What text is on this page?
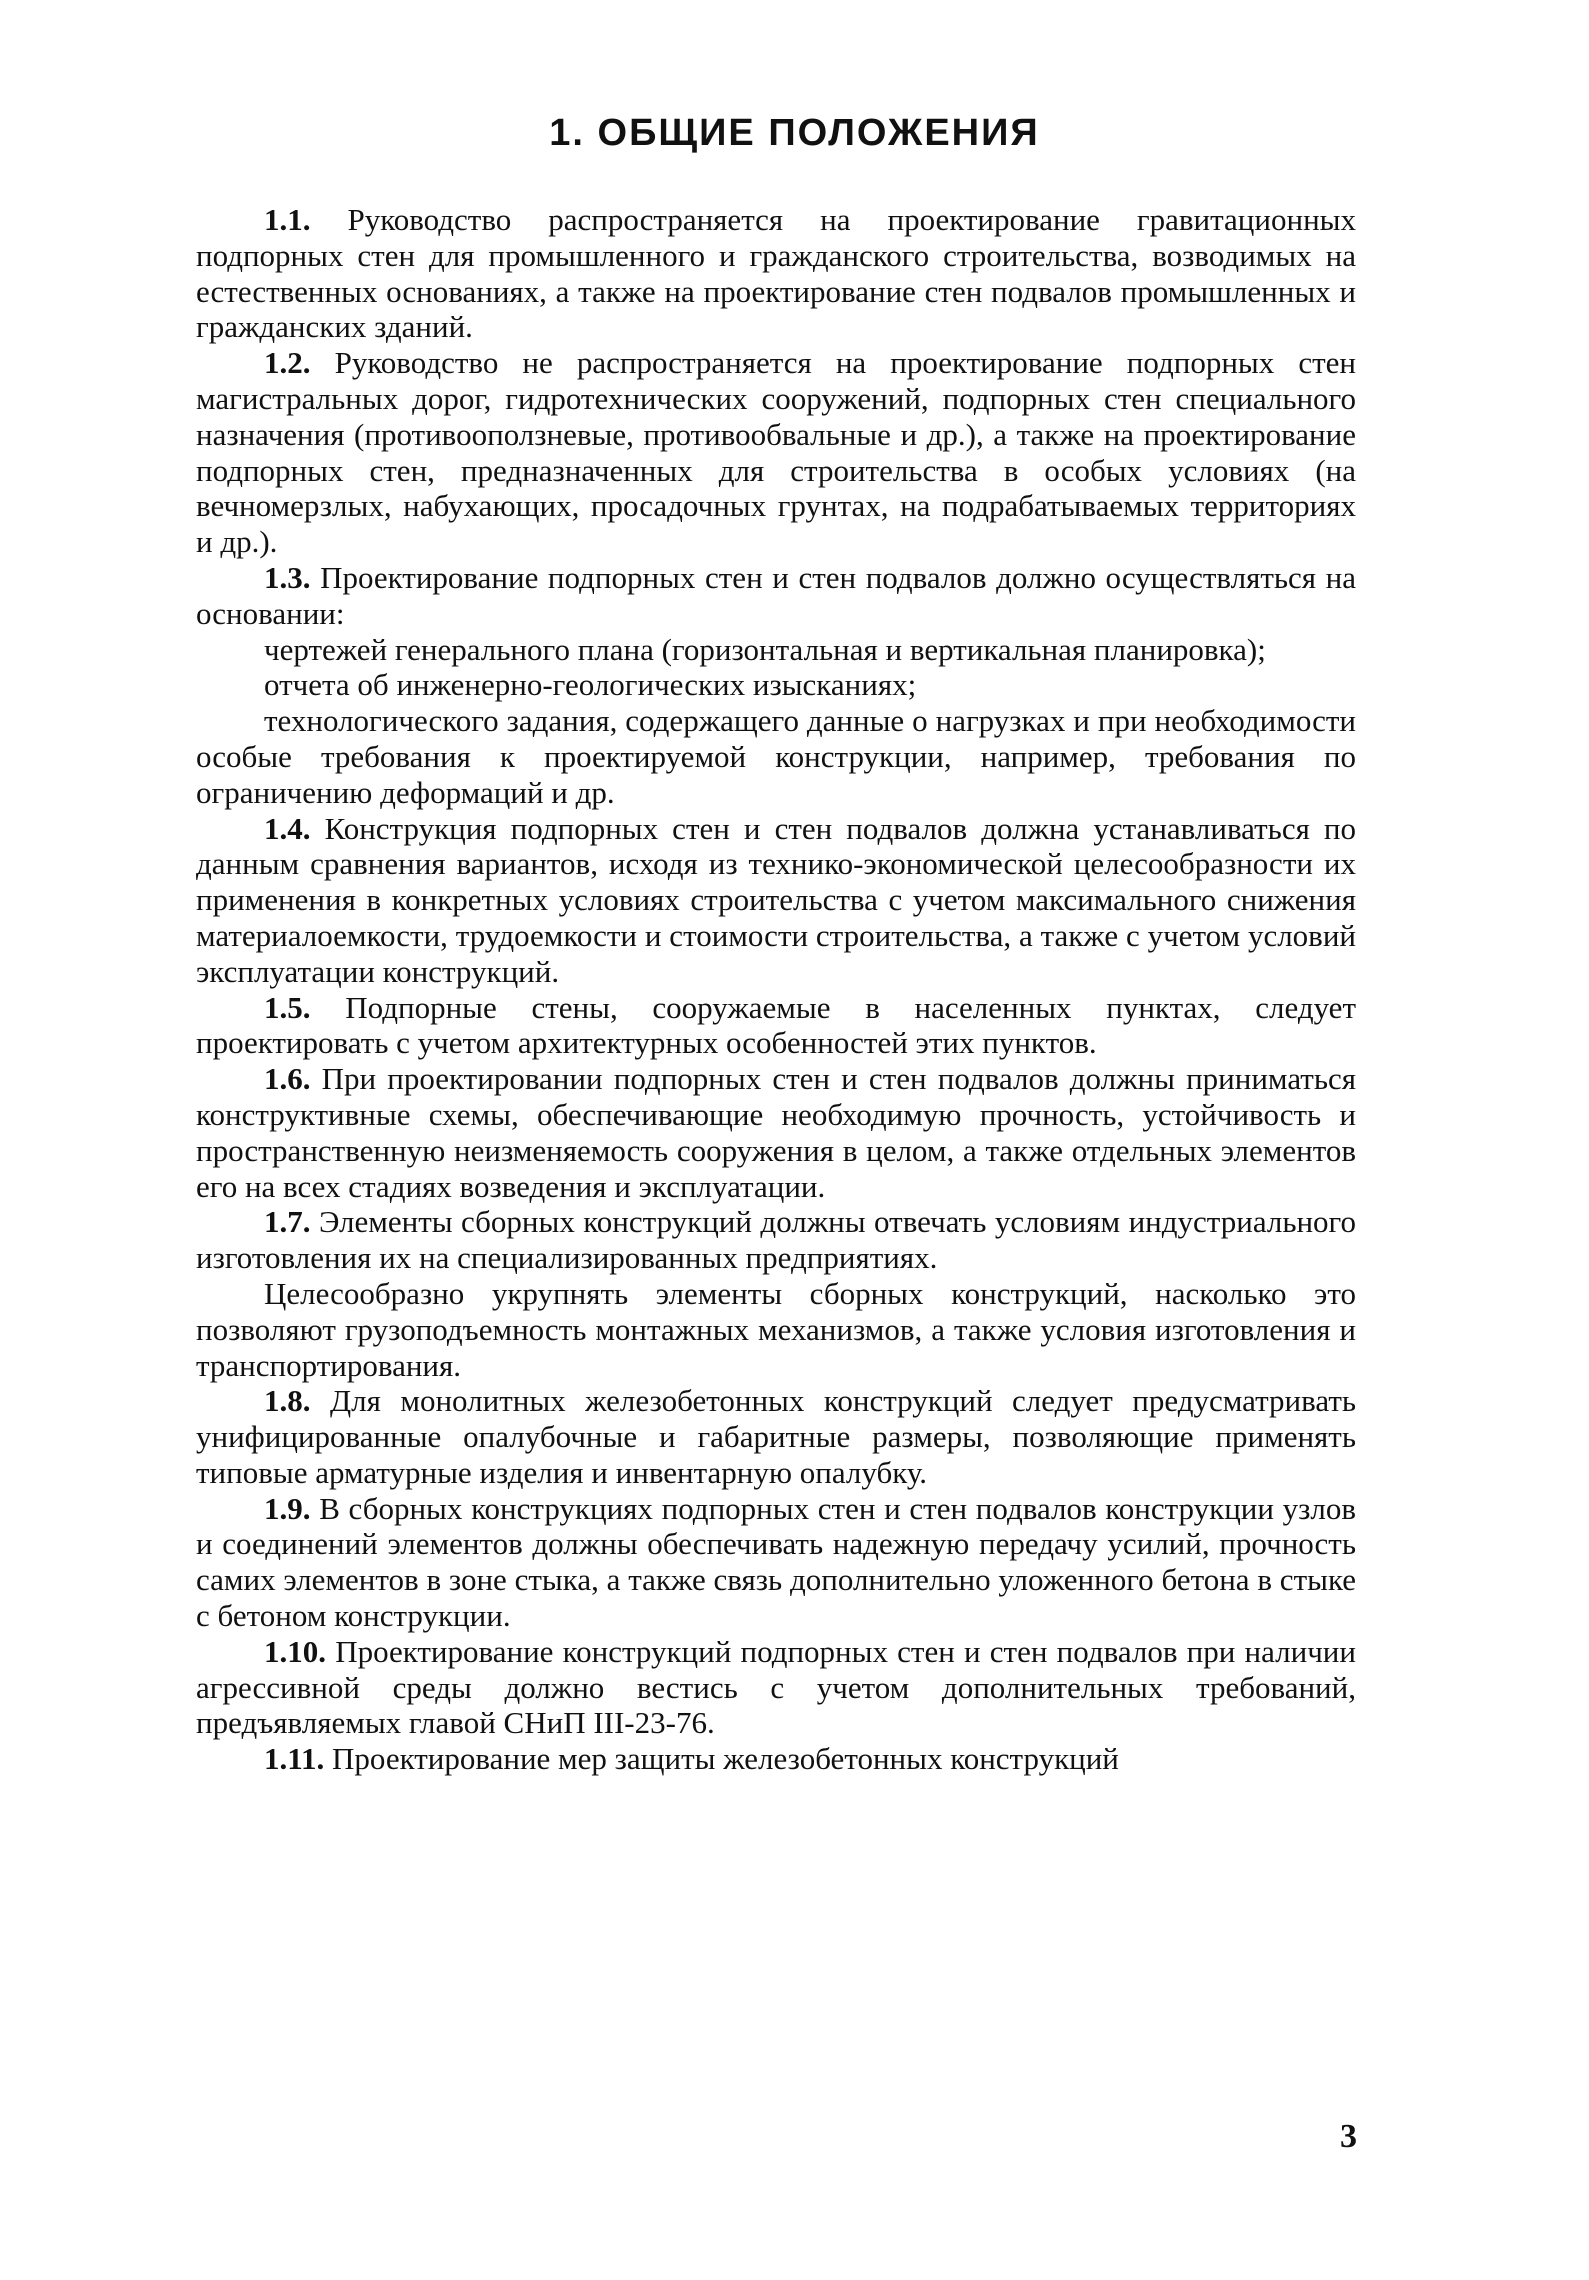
1. ОБЩИЕ ПОЛОЖЕНИЯ

1.1. Руководство распространяется на проектирование гравитационных подпорных стен для промышленного и гражданского строительства, возводимых на естественных основаниях, а также на проектирование стен подвалов промышленных и гражданских зданий.

1.2. Руководство не распространяется на проектирование подпорных стен магистральных дорог, гидротехнических сооружений, подпорных стен специального назначения (противооползневые, противообвальные и др.), а также на проектирование подпорных стен, предназначенных для строительства в особых условиях (на вечномерзлых, набухающих, просадочных грунтах, на подрабатываемых территориях и др.).

1.3. Проектирование подпорных стен и стен подвалов должно осуществляться на основании:

чертежей генерального плана (горизонтальная и вертикальная планировка);

отчета об инженерно-геологических изысканиях;

технологического задания, содержащего данные о нагрузках и при необходимости особые требования к проектируемой конструкции, например, требования по ограничению деформаций и др.

1.4. Конструкция подпорных стен и стен подвалов должна устанавливаться по данным сравнения вариантов, исходя из технико-экономической целесообразности их применения в конкретных условиях строительства с учетом максимального снижения материалоемкости, трудоемкости и стоимости строительства, а также с учетом условий эксплуатации конструкций.

1.5. Подпорные стены, сооружаемые в населенных пунктах, следует проектировать с учетом архитектурных особенностей этих пунктов.

1.6. При проектировании подпорных стен и стен подвалов должны приниматься конструктивные схемы, обеспечивающие необходимую прочность, устойчивость и пространственную неизменяемость сооружения в целом, а также отдельных элементов его на всех стадиях возведения и эксплуатации.

1.7. Элементы сборных конструкций должны отвечать условиям индустриального изготовления их на специализированных предприятиях.

Целесообразно укрупнять элементы сборных конструкций, насколько это позволяют грузоподъемность монтажных механизмов, а также условия изготовления и транспортирования.

1.8. Для монолитных железобетонных конструкций следует предусматривать унифицированные опалубочные и габаритные размеры, позволяющие применять типовые арматурные изделия и инвентарную опалубку.

1.9. В сборных конструкциях подпорных стен и стен подвалов конструкции узлов и соединений элементов должны обеспечивать надежную передачу усилий, прочность самих элементов в зоне стыка, а также связь дополнительно уложенного бетона в стыке с бетоном конструкции.

1.10. Проектирование конструкций подпорных стен и стен подвалов при наличии агрессивной среды должно вестись с учетом дополнительных требований, предъявляемых главой СНиП III-23-76.

1.11. Проектирование мер защиты железобетонных конструкций

3
